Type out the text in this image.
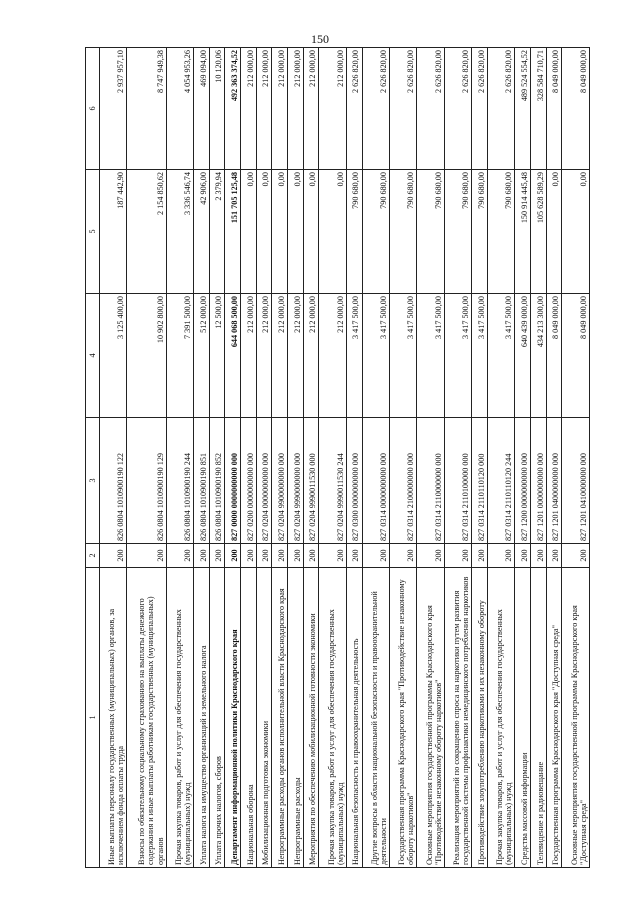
150
1	2	3	4	5	6
Иные выплаты персоналу государственных (муниципальных) органов, за исключением фонда оплаты труда	200	826 0804 1010900190 122	3 125 400,00	187 442,90	2 937 957,10
Взносы по обязательному социальному страхованию на выплаты денежного содержания и иные выплаты работникам государственных (муниципальных) органов	200	826 0804 1010900190 129	10 902 800,00	2 154 850,62	8 747 949,38
Прочая закупка товаров, работ и услуг для обеспечения государственных (муниципальных) нужд	200	826 0804 1010900190 244	7 391 500,00	3 336 546,74	4 054 953,26
Уплата налога на имущество организаций и земельного налога	200	826 0804 1010900190 851	512 000,00	42 906,00	469 094,00
Уплата прочих налогов, сборов	200	826 0804 1010900190 852	12 500,00	2 379,94	10 120,06
Департамент информационной политики Краснодарского края	200	827 0000 0000000000 000	644 068 500,00	151 705 125,48	492 363 374,52
Национальная оборона	200	827 0200 0000000000 000	212 000,00	0,00	212 000,00
Мобилизационная подготовка экономики	200	827 0204 0000000000 000	212 000,00	0,00	212 000,00
Непрограммные расходы органов исполнительной власти Краснодарского края	200	827 0204 9900000000 000	212 000,00	0,00	212 000,00
Непрограммные расходы	200	827 0204 9990000000 000	212 000,00	0,00	212 000,00
Мероприятия по обеспечению мобилизационной готовности экономики	200	827 0204 9990011530 000	212 000,00	0,00	212 000,00
Прочая закупка товаров, работ и услуг для обеспечения государственных (муниципальных) нужд	200	827 0204 9990011530 244	212 000,00	0,00	212 000,00
Национальная безопасность и правоохранительная деятельность	200	827 0300 0000000000 000	3 417 500,00	790 680,00	2 626 820,00
Другие вопросы в области национальной безопасности и правоохранительной деятельности	200	827 0314 0000000000 000	3 417 500,00	790 680,00	2 626 820,00
Государственная программа Краснодарского края "Противодействие незаконному обороту наркотиков"	200	827 0314 2100000000 000	3 417 500,00	790 680,00	2 626 820,00
Основные мероприятия государственной программы Краснодарского края "Противодействие незаконному обороту наркотиков"	200	827 0314 2110000000 000	3 417 500,00	790 680,00	2 626 820,00
Реализация мероприятий по сокращению спроса на наркотики путем развития государственной системы профилактики немедицинского потребления наркотиков	200	827 0314 2110100000 000	3 417 500,00	790 680,00	2 626 820,00
Противодействие злоупотреблению наркотиками и их незаконному обороту	200	827 0314 2110110120 000	3 417 500,00	790 680,00	2 626 820,00
Прочая закупка товаров, работ и услуг для обеспечения государственных (муниципальных) нужд	200	827 0314 2110110120 244	3 417 500,00	790 680,00	2 626 820,00
Средства массовой информации	200	827 1200 0000000000 000	640 439 000,00	150 914 445,48	489 524 554,52
Телевидение и радиовещание	200	827 1201 0000000000 000	434 213 300,00	105 628 589,29	328 584 710,71
Государственная программа Краснодарского края "Доступная среда"	200	827 1201 0400000000 000	8 049 000,00	0,00	8 049 000,00
Основные мероприятия государственной программы Краснодарского края "Доступная среда"	200	827 1201 0410000000 000	8 049 000,00	0,00	8 049 000,00
